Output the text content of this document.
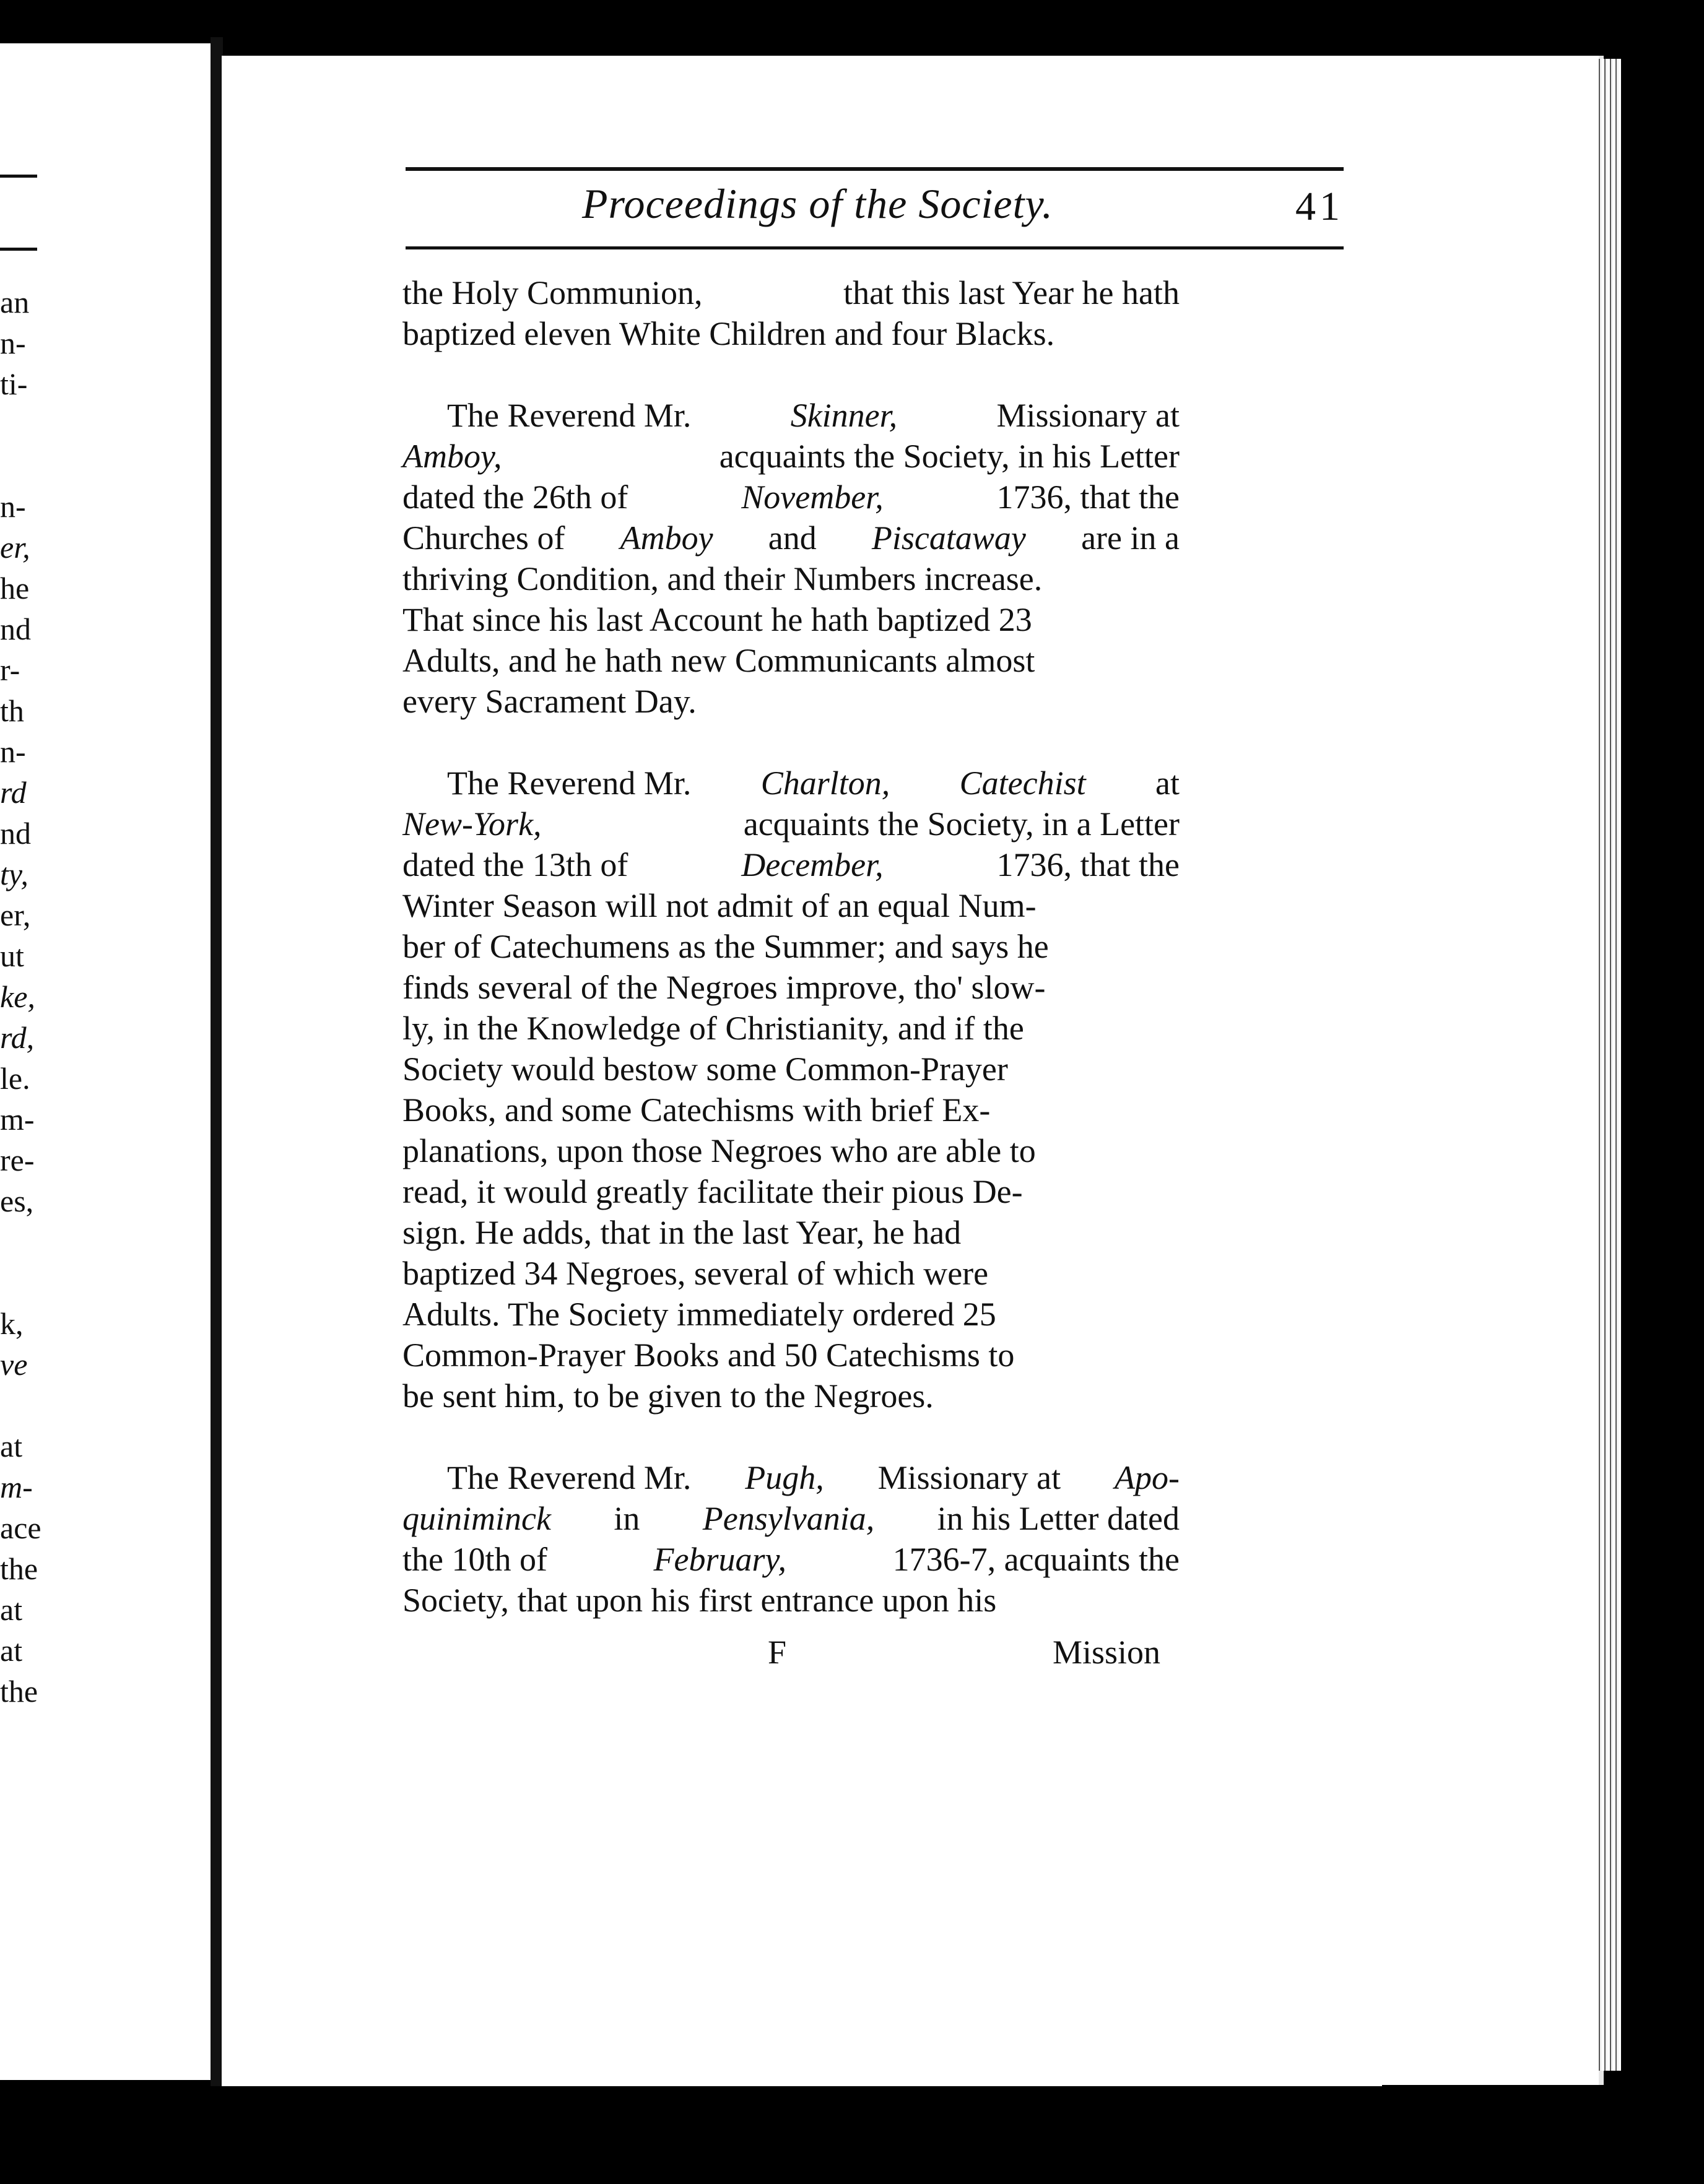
an
n-
ti-
n-
er,
he
nd
r-
th
n-
rd
nd
ty,
er,
ut
ke,
rd,
le.
m-
re-
es,
k,
ve
at
m-
ace
the
at
at
the
Proceedings of the Society.	41
the Holy Communion,	that this last Year he hath
baptized eleven White Children and four Blacks.
The Reverend Mr.	Skinner,	Missionary at
Amboy,	acquaints the Society, in his Letter
dated the 26th of	November,	1736, that the
Churches of Amboy and Piscataway are in a
thriving Condition, and their Numbers increase.
That since his last Account he hath baptized 23
Adults, and he hath new Communicants almost
every Sacrament Day.
The Reverend Mr. Charlton, Catechist at
New-York,	acquaints the Society, in a Letter
dated the 13th of	December,	1736, that the
Winter Season will not admit of an equal Num-
ber of Catechumens as the Summer; and says he
finds several of the Negroes improve, tho' slow-
ly, in the Knowledge of Christianity, and if the
Society would bestow some Common-Prayer
Books, and some Catechisms with brief Ex-
planations, upon those Negroes who are able to
read, it would greatly facilitate their pious De-
sign. He adds, that in the last Year, he had
baptized 34 Negroes, several of which were
Adults. The Society immediately ordered 25
Common-Prayer Books and 50 Catechisms to
be sent him, to be given to the Negroes.
The Reverend Mr. Pugh, Missionary at Apo-
quiniminck in Pensylvania, in his Letter dated
the 10th of	February,	1736-7, acquaints the
Society, that upon his first entrance upon his
F	Mission
